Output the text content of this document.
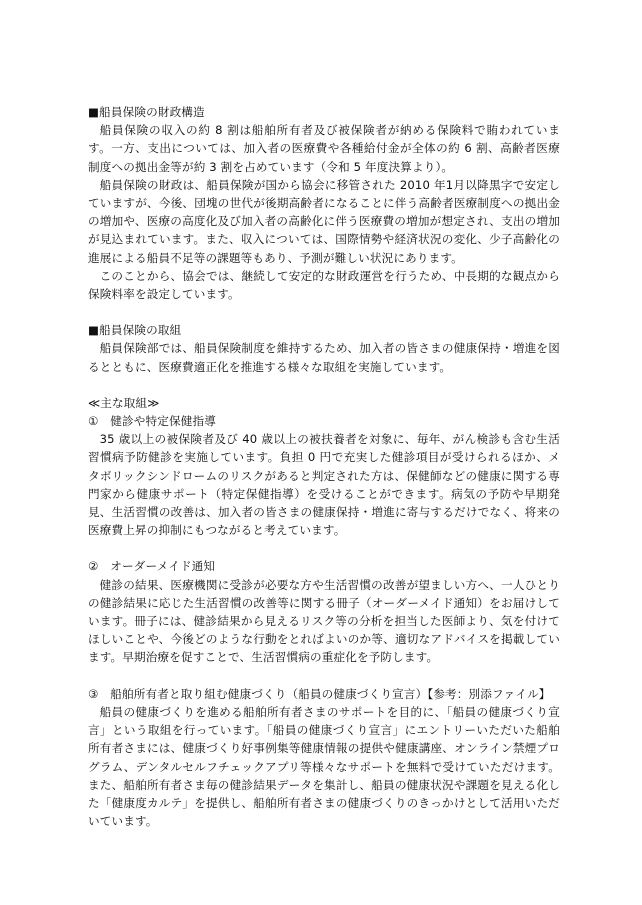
■船員保険の財政構造

船員保険の収入の約 8 割は船舶所有者及び被保険者が納める保険料で賄われています。一方、支出については、加入者の医療費や各種給付金が全体の約 6 割、高齢者医療制度への拠出金等が約 3 割を占めています（令和 5 年度決算より）。

船員保険の財政は、船員保険が国から協会に移管された 2010 年1月以降黒字で安定していますが、今後、団塊の世代が後期高齢者になることに伴う高齢者医療制度への拠出金の増加や、医療の高度化及び加入者の高齢化に伴う医療費の増加が想定され、支出の増加が見込まれています。また、収入については、国際情勢や経済状況の変化、少子高齢化の進展による船員不足等の課題等もあり、予測が難しい状況にあります。

このことから、協会では、継続して安定的な財政運営を行うため、中長期的な観点から保険料率を設定しています。

■船員保険の取組

船員保険部では、船員保険制度を維持するため、加入者の皆さまの健康保持・増進を図るとともに、医療費適正化を推進する様々な取組を実施しています。

≪主な取組≫

①　健診や特定保健指導

35 歳以上の被保険者及び 40 歳以上の被扶養者を対象に、毎年、がん検診も含む生活習慣病予防健診を実施しています。負担 0 円で充実した健診項目が受けられるほか、メタボリックシンドロームのリスクがあると判定された方は、保健師などの健康に関する専門家から健康サポート（特定保健指導）を受けることができます。病気の予防や早期発見、生活習慣の改善は、加入者の皆さまの健康保持・増進に寄与するだけでなく、将来の医療費上昇の抑制にもつながると考えています。

②　オーダーメイド通知

健診の結果、医療機関に受診が必要な方や生活習慣の改善が望ましい方へ、一人ひとりの健診結果に応じた生活習慣の改善等に関する冊子（オーダーメイド通知）をお届けしています。冊子には、健診結果から見えるリスク等の分析を担当した医師より、気を付けてほしいことや、今後どのような行動をとればよいのか等、適切なアドバイスを掲載しています。早期治療を促すことで、生活習慣病の重症化を予防します。

③　船舶所有者と取り組む健康づくり（船員の健康づくり宣言）【参考：別添ファイル】

船員の健康づくりを進める船舶所有者さまのサポートを目的に、「船員の健康づくり宣言」という取組を行っています。「船員の健康づくり宣言」にエントリーいただいた船舶所有者さまには、健康づくり好事例集等健康情報の提供や健康講座、オンライン禁煙プログラム、デンタルセルフチェックアプリ等様々なサポートを無料で受けていただけます。また、船舶所有者さま毎の健診結果データを集計し、船員の健康状況や課題を見える化した「健康度カルテ」を提供し、船舶所有者さまの健康づくりのきっかけとして活用いただいています。
